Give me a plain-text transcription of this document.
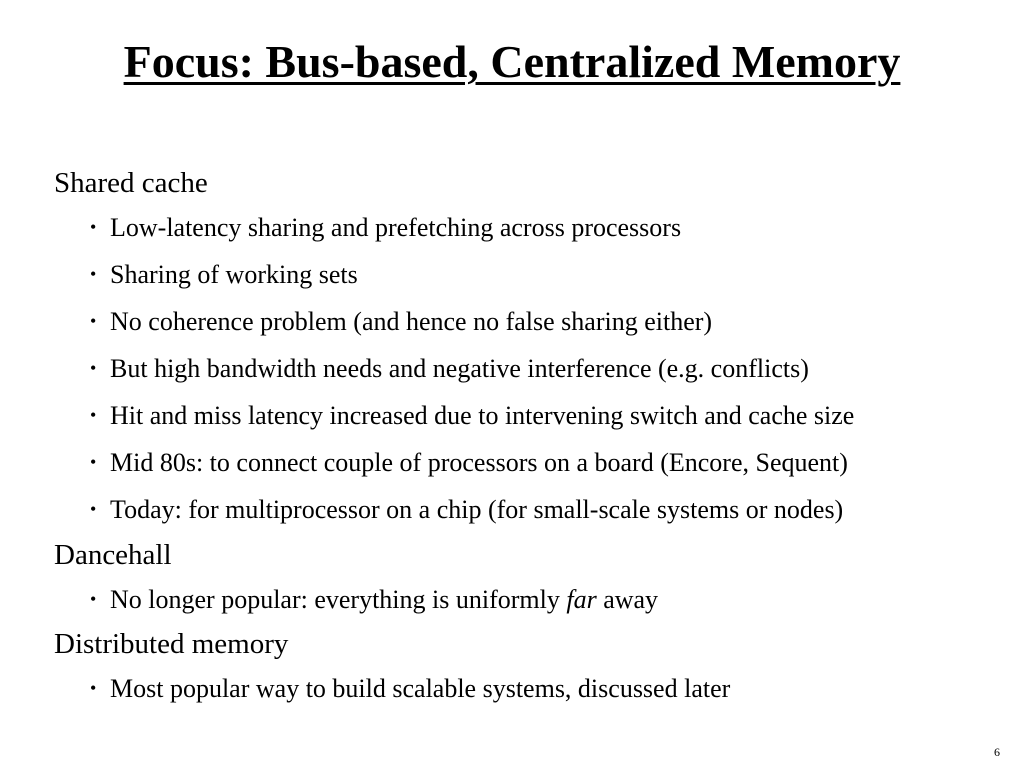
Focus: Bus-based, Centralized Memory
Shared cache
• Low-latency sharing and prefetching across processors
• Sharing of working sets
• No coherence problem (and hence no false sharing either)
• But high bandwidth needs and negative interference (e.g. conflicts)
• Hit and miss latency increased due to intervening switch and cache size
• Mid 80s: to connect couple of processors on a board (Encore, Sequent)
• Today: for multiprocessor on a chip (for small-scale systems or nodes)
Dancehall
• No longer popular: everything is uniformly far away
Distributed memory
• Most popular way to build scalable systems, discussed later
6
